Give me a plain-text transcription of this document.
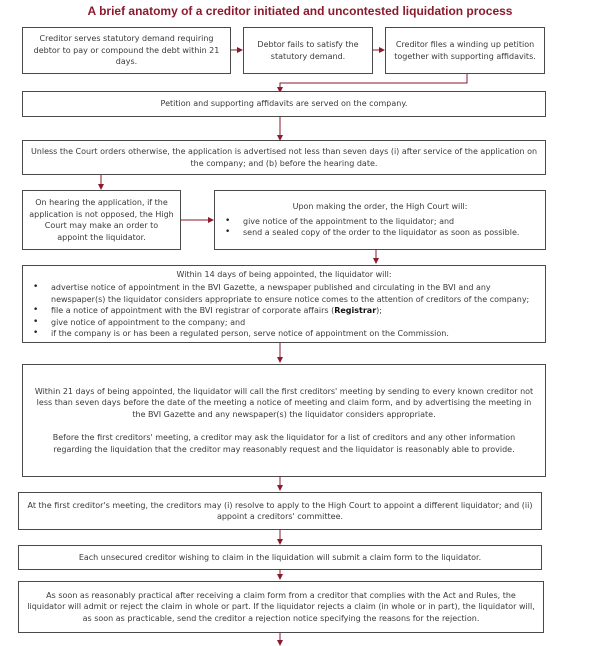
A brief anatomy of a creditor initiated and uncontested liquidation process

Creditor serves statutory demand requiring debtor to pay or compound the debt within 21 days.

Debtor fails to satisfy the statutory demand.

Creditor files a winding up petition together with supporting affidavits.

Petition and supporting affidavits are served on the company.

Unless the Court orders otherwise, the application is advertised not less than seven days (i) after service of the application on the company; and (b) before the hearing date.

On hearing the application, if the application is not opposed, the High Court may make an order to appoint the liquidator.

Upon making the order, the High Court will:

• give notice of the appointment to the liquidator; and
• send a sealed copy of the order to the liquidator as soon as possible.

Within 14 days of being appointed, the liquidator will:

• advertise notice of appointment in the BVI Gazette, a newspaper published and circulating in the BVI and any newspaper(s) the liquidator considers appropriate to ensure notice comes to the attention of creditors of the company;
• file a notice of appointment with the BVI registrar of corporate affairs (Registrar);
• give notice of appointment to the company; and
• if the company is or has been a regulated person, serve notice of appointment on the Commission.

Within 21 days of being appointed, the liquidator will call the first creditors' meeting by sending to every known creditor not less than seven days before the date of the meeting a notice of meeting and claim form, and by advertising the meeting in the BVI Gazette and any newspaper(s) the liquidator considers appropriate.

Before the first creditors' meeting, a creditor may ask the liquidator for a list of creditors and any other information regarding the liquidation that the creditor may reasonably request and the liquidator is reasonably able to provide.

At the first creditor's meeting, the creditors may (i) resolve to apply to the High Court to appoint a different liquidator; and (ii) appoint a creditors' committee.

Each unsecured creditor wishing to claim in the liquidation will submit a claim form to the liquidator.

As soon as reasonably practical after receiving a claim form from a creditor that complies with the Act and Rules, the liquidator will admit or reject the claim in whole or part. If the liquidator rejects a claim (in whole or in part), the liquidator will, as soon as practicable, send the creditor a rejection notice specifying the reasons for the rejection.
